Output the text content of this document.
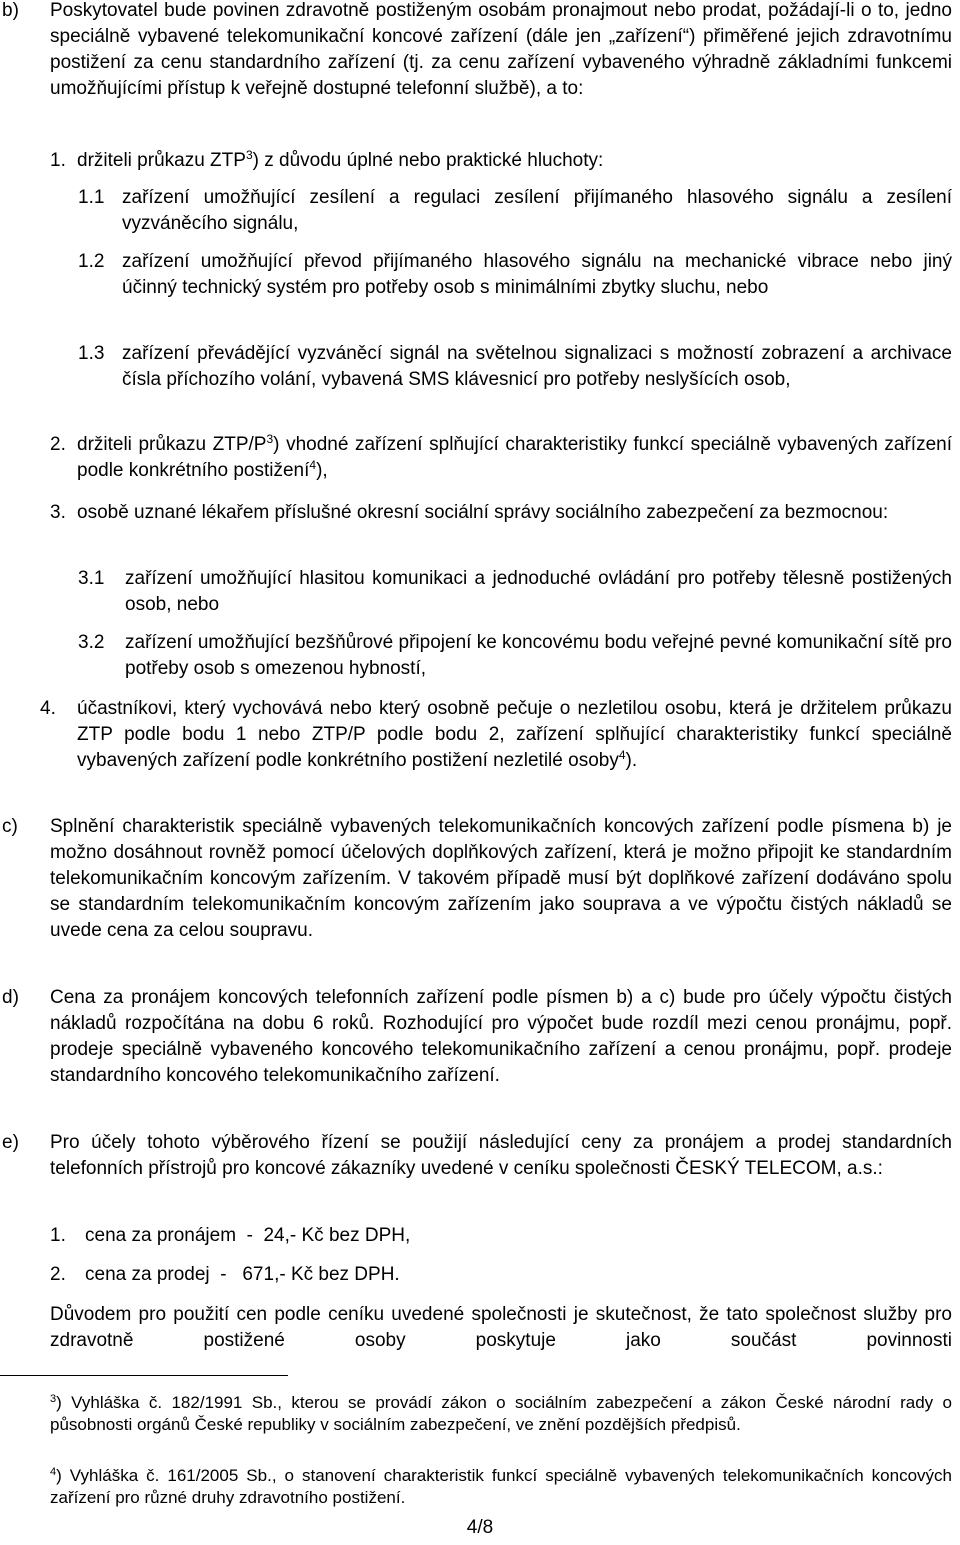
b) Poskytovatel bude povinen zdravotně postiženým osobám pronajmout nebo prodat, požádají-li o to, jedno speciálně vybavené telekomunikační koncové zařízení (dále jen „zařízení“) přiměřené jejich zdravotnímu postižení za cenu standardního zařízení (tj. za cenu zařízení vybaveného výhradně základními funkcemi umožňujícími přístup k veřejně dostupné telefonní službě), a to:
1. držiteli průkazu ZTP$^3$) z důvodu úplné nebo praktické hluchoty:
1.1 zařízení umožňující zesílení a regulaci zesílení přijímaného hlasového signálu a zesílení vyzváněcího signálu,
1.2 zařízení umožňující převod přijímaného hlasového signálu na mechanické vibrace nebo jiný účinný technický systém pro potřeby osob s minimálními zbytky sluchu, nebo
1.3 zařízení převádějící vyzváněcí signál na světelnou signalizaci s možností zobrazení a archivace čísla příchozího volání, vybavená SMS klávesnicí pro potřeby neslyšících osob,
2. držiteli průkazu ZTP/$P^3$) vhodné zařízení splňující charakteristiky funkcí speciálně vybavených zařízení podle konkrétního postižení$^4$),
3. osobě uznané lékařem příslušné okresní sociální správy sociálního zabezpečení za bezmocnou:
3.1 zařízení umožňující hlasitou komunikaci a jednoduché ovládání pro potřeby tělesně postižených osob, nebo
3.2 zařízení umožňující bezšňůrové připojení ke koncovému bodu veřejné pevné komunikační sítě pro potřeby osob s omezenou hybností,
4. účastníkovi, který vychovává nebo který osobně pečuje o nezletilou osobu, která je držitelem průkazu ZTP podle bodu 1 nebo ZTP/P podle bodu 2, zařízení splňující charakteristiky funkcí speciálně vybavených zařízení podle konkrétního postižení nezletilé osoby$^4$).
c) Splnění charakteristik speciálně vybavených telekomunikačních koncových zařízení podle písmena b) je možno dosáhnout rovněž pomocí účelových doplňkových zařízení, která je možno připojit ke standardním telekomunikačním koncovým zařízením. V takovém případě musí být doplňkové zařízení dodáváno spolu se standardním telekomunikačním koncovým zařízením jako souprava a ve výpočtu čistých nákladů se uvede cena za celou soupravu.
d) Cena za pronájem koncových telefonních zařízení podle písmen b) a c) bude pro účely výpočtu čistých nákladů rozpočítána na dobu 6 roků. Rozhodující pro výpočet bude rozdíl mezi cenou pronájmu, popř. prodeje speciálně vybaveného koncového telekomunikačního zařízení a cenou pronájmu, popř. prodeje standardního koncového telekomunikačního zařízení.
e) Pro účely tohoto výběrového řízení se použijí následující ceny za pronájem a prodej standardních telefonních přístrojů pro koncové zákazníky uvedené v ceníku společnosti ČESKÝ TELECOM, a.s.:
1. cena za pronájem  -  24,- Kč bez DPH,
2. cena za prodej  -   671,- Kč bez DPH.
Důvodem pro použití cen podle ceníku uvedené společnosti je skutečnost, že tato společnost služby pro zdravotně postižené osoby poskytuje jako součást povinnosti
$^3$) Vyhláška č. 182/1991 Sb., kterou se provádí zákon o sociálním zabezpečení a zákon České národní rady o působnosti orgánů České republiky v sociálním zabezpečení, ve znění pozdějších předpisů.
$^4$) Vyhláška č. 161/2005 Sb., o stanovení charakteristik funkcí speciálně vybavených telekomunikačních koncových zařízení pro různé druhy zdravotního postižení.
4/8
